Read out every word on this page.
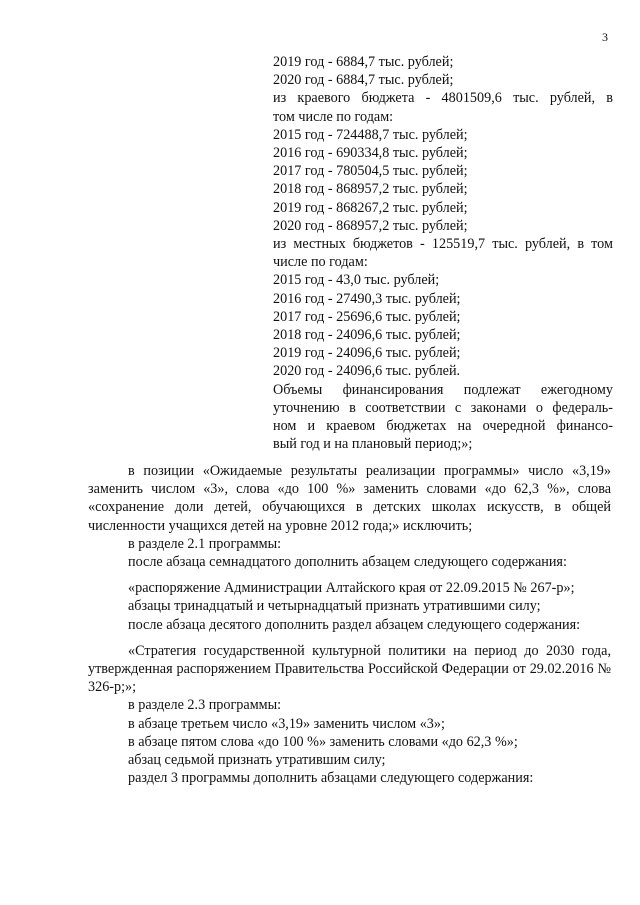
3
2019 год - 6884,7 тыс. рублей;
2020 год - 6884,7 тыс. рублей;
из краевого бюджета - 4801509,6 тыс. рублей, в
том числе по годам:
2015 год - 724488,7 тыс. рублей;
2016 год - 690334,8 тыс. рублей;
2017 год - 780504,5 тыс. рублей;
2018 год - 868957,2 тыс. рублей;
2019 год - 868267,2 тыс. рублей;
2020 год - 868957,2 тыс. рублей;
из местных бюджетов - 125519,7 тыс. рублей, в том
числе по годам:
2015 год - 43,0 тыс. рублей;
2016 год - 27490,3 тыс. рублей;
2017 год - 25696,6 тыс. рублей;
2018 год - 24096,6 тыс. рублей;
2019 год - 24096,6 тыс. рублей;
2020 год - 24096,6 тыс. рублей.
Объемы финансирования подлежат ежегодному
уточнению в соответствии с законами о федераль-
ном и краевом бюджетах на очередной финансо-
вый год и на плановый период;»;
в позиции «Ожидаемые результаты реализации программы» число «3,19» заменить числом «3», слова «до 100 %» заменить словами «до 62,3 %», слова «сохранение доли детей, обучающихся в детских школах искусств, в общей численности учащихся детей на уровне 2012 года;» исключить;
в разделе 2.1 программы:
после абзаца семнадцатого дополнить абзацем следующего содержания:
«распоряжение Администрации Алтайского края от 22.09.2015 № 267-р»;
абзацы тринадцатый и четырнадцатый признать утратившими силу;
после абзаца десятого дополнить раздел абзацем следующего содержания:
«Стратегия государственной культурной политики на период до 2030 года, утвержденная распоряжением Правительства Российской Федерации от 29.02.2016 № 326-р;»;
в разделе 2.3 программы:
в абзаце третьем число «3,19» заменить числом «3»;
в абзаце пятом слова «до 100 %» заменить словами «до 62,3 %»;
абзац седьмой признать утратившим силу;
раздел 3 программы дополнить абзацами следующего содержания:
